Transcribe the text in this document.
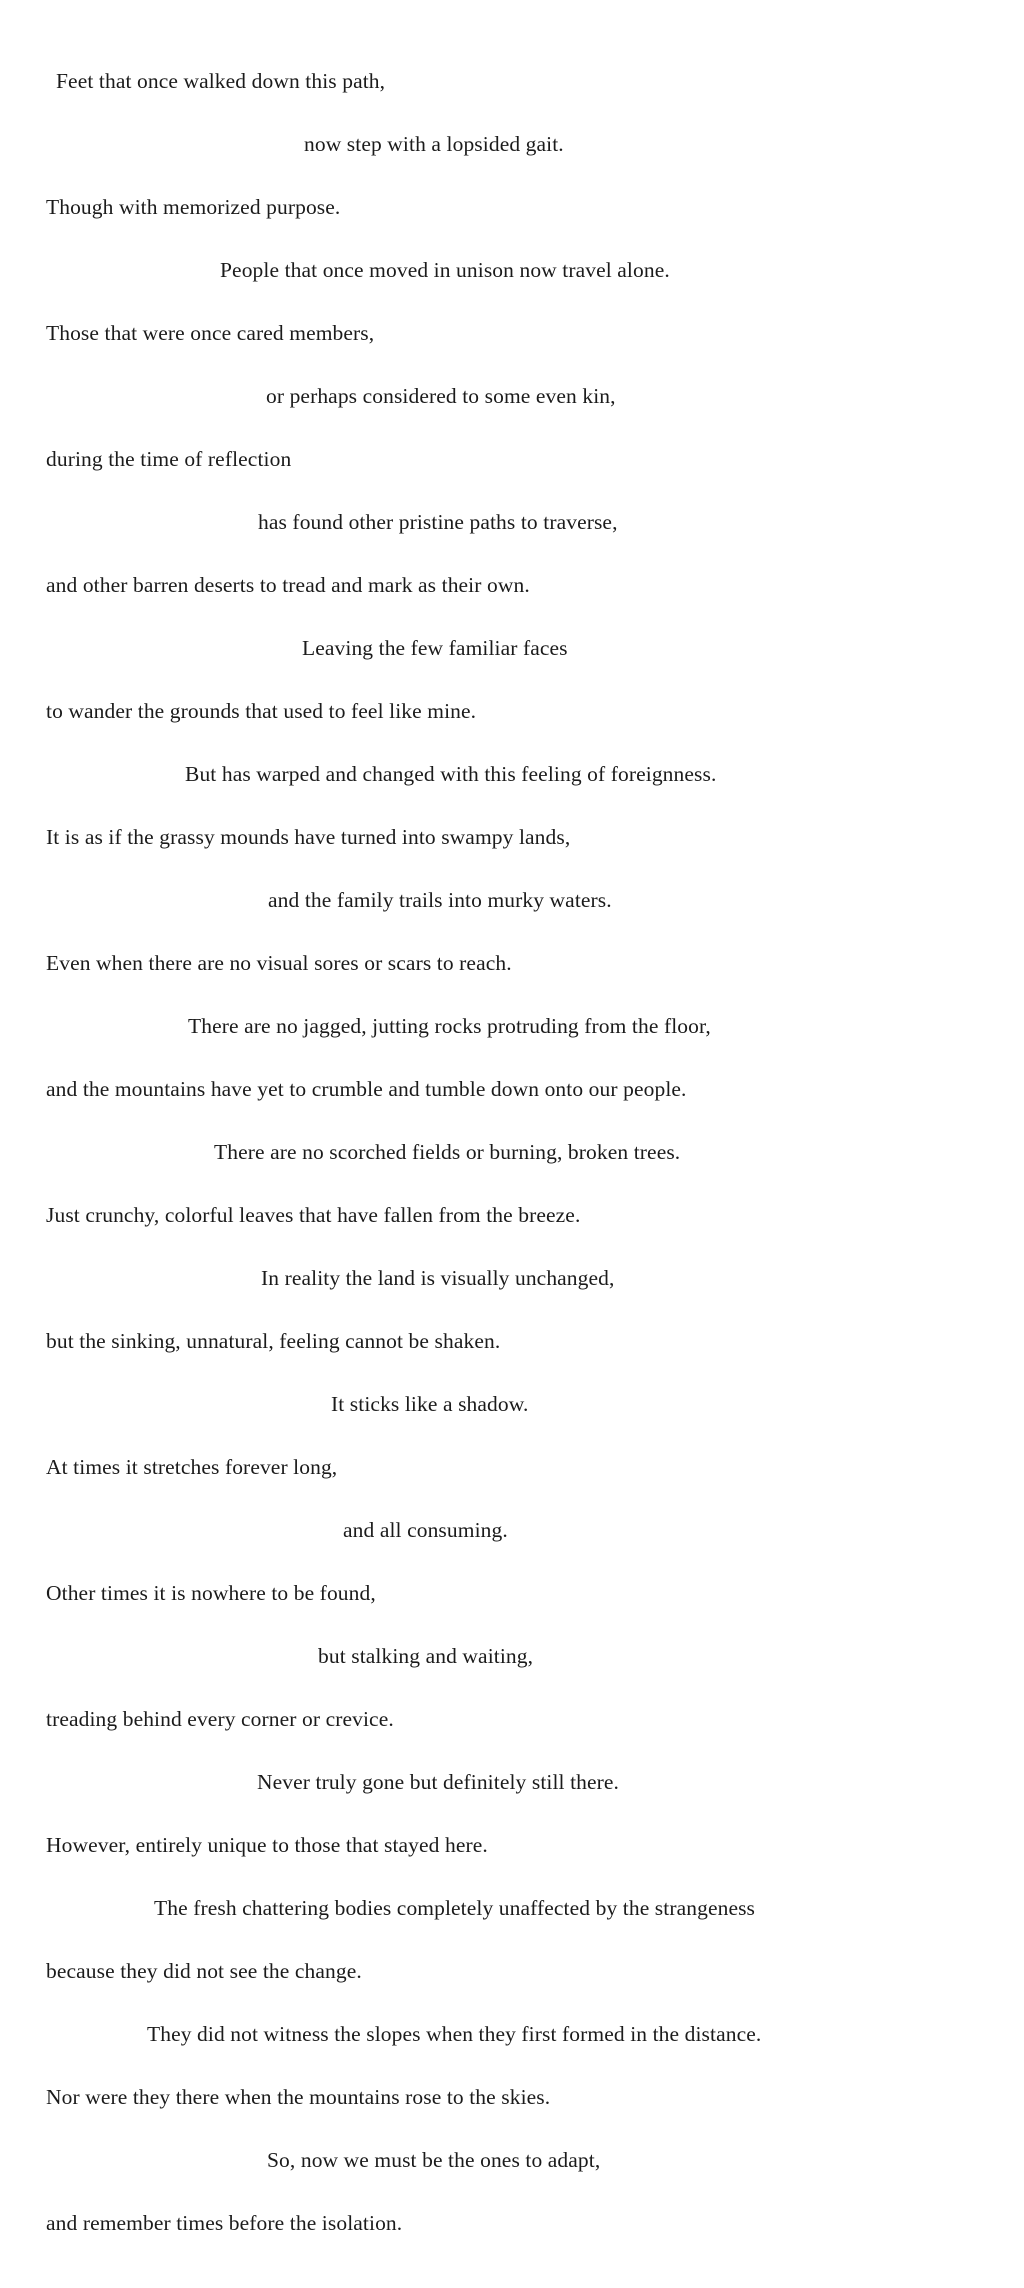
Feet that once walked down this path,
now step with a lopsided gait.
Though with memorized purpose.
People that once moved in unison now travel alone.
Those that were once cared members,
or perhaps considered to some even kin,
during the time of reflection
has found other pristine paths to traverse,
and other barren deserts to tread and mark as their own.
Leaving the few familiar faces
to wander the grounds that used to feel like mine.
But has warped and changed with this feeling of foreignness.
It is as if the grassy mounds have turned into swampy lands,
and the family trails into murky waters.
Even when there are no visual sores or scars to reach.
There are no jagged, jutting rocks protruding from the floor,
and the mountains have yet to crumble and tumble down onto our people.
There are no scorched fields or burning, broken trees.
Just crunchy, colorful leaves that have fallen from the breeze.
In reality the land is visually unchanged,
but the sinking, unnatural, feeling cannot be shaken.
It sticks like a shadow.
At times it stretches forever long,
and all consuming.
Other times it is nowhere to be found,
but stalking and waiting,
treading behind every corner or crevice.
Never truly gone but definitely still there.
However, entirely unique to those that stayed here.
The fresh chattering bodies completely unaffected by the strangeness
because they did not see the change.
They did not witness the slopes when they first formed in the distance.
Nor were they there when the mountains rose to the skies.
So, now we must be the ones to adapt,
and remember times before the isolation.
